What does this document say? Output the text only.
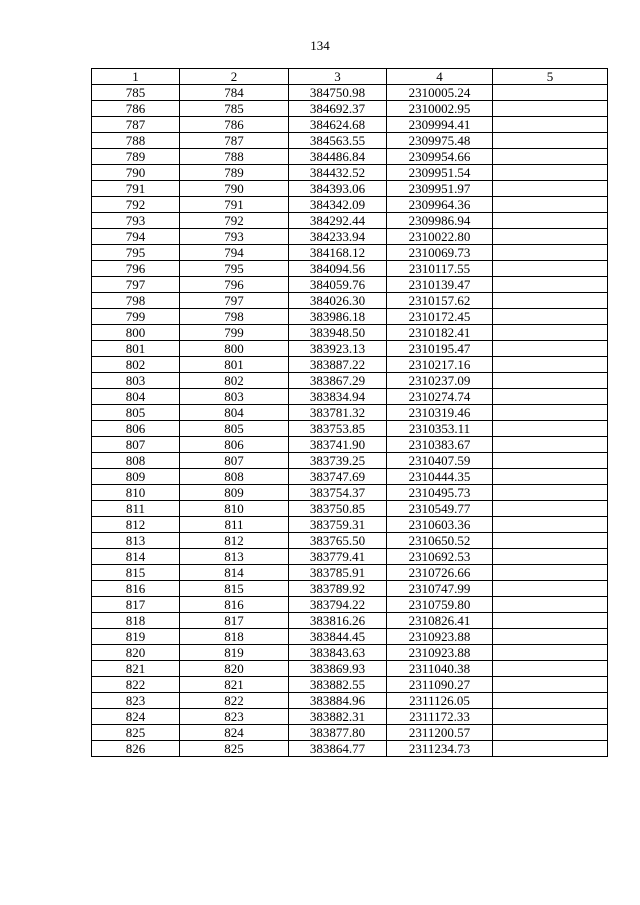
134
1	2	3	4	5
785	784	384750.98	2310005.24	
786	785	384692.37	2310002.95	
787	786	384624.68	2309994.41	
788	787	384563.55	2309975.48	
789	788	384486.84	2309954.66	
790	789	384432.52	2309951.54	
791	790	384393.06	2309951.97	
792	791	384342.09	2309964.36	
793	792	384292.44	2309986.94	
794	793	384233.94	2310022.80	
795	794	384168.12	2310069.73	
796	795	384094.56	2310117.55	
797	796	384059.76	2310139.47	
798	797	384026.30	2310157.62	
799	798	383986.18	2310172.45	
800	799	383948.50	2310182.41	
801	800	383923.13	2310195.47	
802	801	383887.22	2310217.16	
803	802	383867.29	2310237.09	
804	803	383834.94	2310274.74	
805	804	383781.32	2310319.46	
806	805	383753.85	2310353.11	
807	806	383741.90	2310383.67	
808	807	383739.25	2310407.59	
809	808	383747.69	2310444.35	
810	809	383754.37	2310495.73	
811	810	383750.85	2310549.77	
812	811	383759.31	2310603.36	
813	812	383765.50	2310650.52	
814	813	383779.41	2310692.53	
815	814	383785.91	2310726.66	
816	815	383789.92	2310747.99	
817	816	383794.22	2310759.80	
818	817	383816.26	2310826.41	
819	818	383844.45	2310923.88	
820	819	383843.63	2310923.88	
821	820	383869.93	2311040.38	
822	821	383882.55	2311090.27	
823	822	383884.96	2311126.05	
824	823	383882.31	2311172.33	
825	824	383877.80	2311200.57	
826	825	383864.77	2311234.73	
